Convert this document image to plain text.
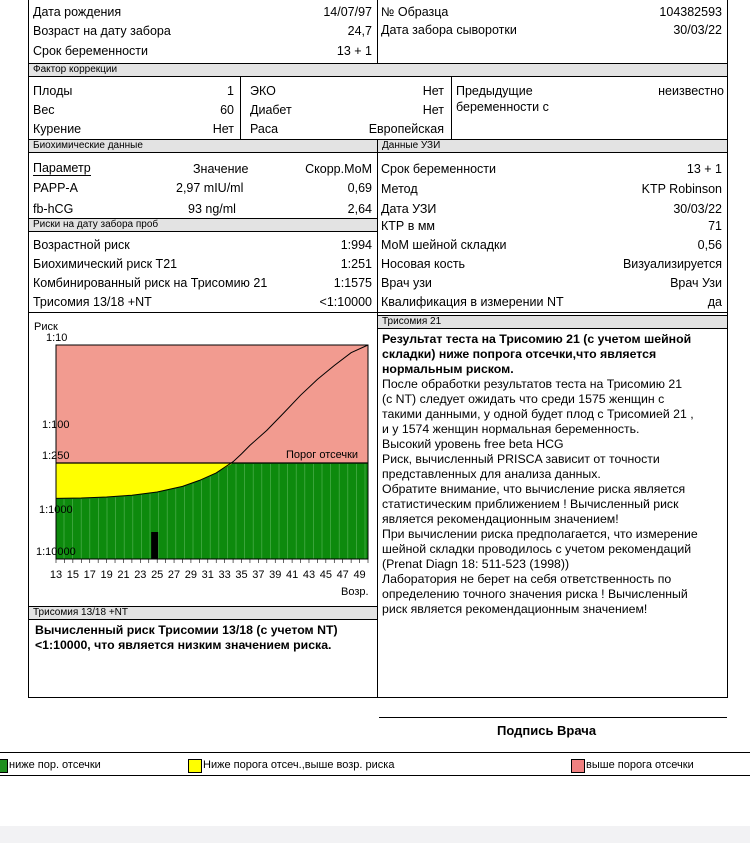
Дата рождения	14/07/97
Возраст на дату забора	24,7
Срок беременности	13 + 1
№ Образца	104382593
Дата забора сыворотки	30/03/22
Фактор коррекции
Плоды	1
Вес	60
Курение	Нет
ЭКО	Нет
Диабет	Нет
Раса	Европейская
Предыдущие
беременности с
неизвестно
Биохимические данные	Данные УЗИ
Параметр	Значение	Скорр.МоМ
PAPP-A	2,97 mIU/ml	0,69
fb-hCG	93 ng/ml	2,64
Риски на дату забора проб
Возрастной риск	1:994
Биохимический риск T21	1:251
Комбинированный риск на Трисомию 21	1:1575
Трисомия 13/18 +NT	<1:10000
Срок беременности	13 + 1
Метод	KTP Robinson
Дата УЗИ	30/03/22
КТР в мм	71
МоМ шейной складки	0,56
Носовая кость	Визуализируется
Врач узи	Врач Узи
Квалификация в измерении NT	да
Риск
1:10
1:100
1:250
1:1000
1:10000
Порог отсечки
13 15 17 19 21 23 25 27 29 31 33 35 37 39 41 43 45 47 49
Возр.
Трисомия 21
Результат теста на Трисомию 21 (с учетом шейной
складки) ниже попрога отсечки,что является
нормальным риском.
После обработки результатов теста на Трисомию 21
(с NT) следует ожидать что среди 1575 женщин с
такими данными, у одной будет плод с Трисомией 21 ,
и у 1574 женщин нормальная беременность.
Высокий уровень free beta HCG
Риск, вычисленный PRISCA зависит от точности
представленных для анализа данных.
Обратите внимание, что вычисление риска является
статистическим приближением ! Вычисленный риск
является рекомендационным значением!
При вычислении риска предполагается, что измерение
шейной складки проводилось с учетом рекомендаций
(Prenat Diagn 18: 511-523 (1998))
Лаборатория не берет на себя ответственность по
определению точного значения риска ! Вычисленный
риск является рекомендационным значением!
Трисомия 13/18 +NT
Вычисленный риск Трисомии 13/18 (с учетом NT)
<1:10000, что является низким значением риска.
Подпись Врача
ниже пор. отсечки	Ниже порога отсеч.,выше возр. риска	выше порога отсечки
